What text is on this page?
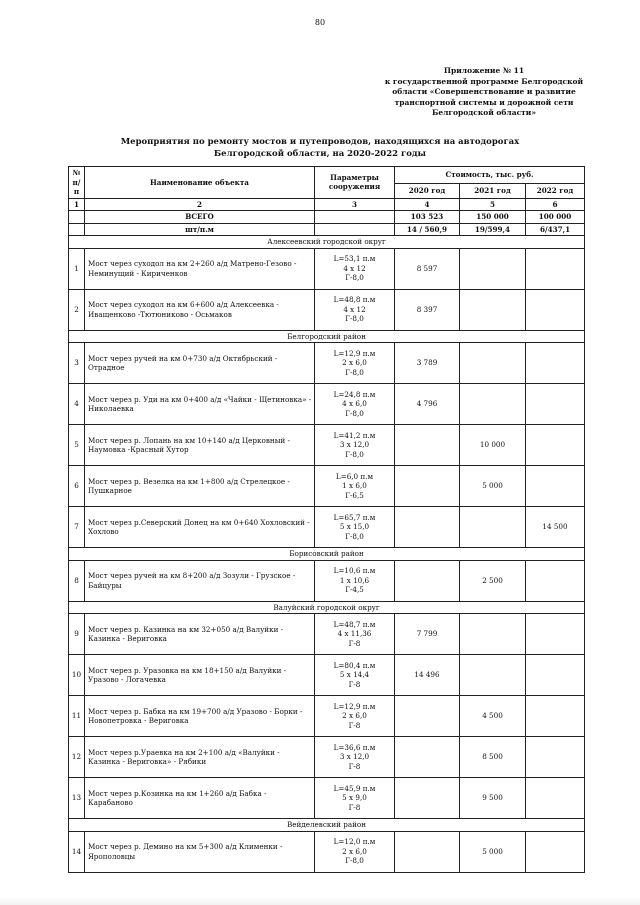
80
Приложение № 11
к государственной программе Белгородской
области «Совершенствование и развитие
транспортной системы и дорожной сети
Белгородской области»
Мероприятия по ремонту мостов и путепроводов, находящихся на автодорогах
Белгородской области, на 2020-2022 годы
№ п/п	Наименование объекта	Параметры сооружения	Стоимость, тыс. руб.		
			2020 год	2021 год	2022 год
1	2	3	4	5	6
	ВСЕГО		103 523	150 000	100 000
	шт/п.м		14 / 560,9	19/599,4	6/437,1
Алексеевский городской округ					
1	Мост через суходол на км 2+260 а/д Матрено-Гезово - Неминущий - Кириченков	L=53,1 п.м
4 x 12
Г-8,0	8 597		
2	Мост через суходол на км 6+600 а/д Алексеевка - Иващенково -Тютюниково - Осьмаков	L=48,8 п.м
4 x 12
Г-8,0	8 397		
Белгородский район					
3	Мост через ручей на км 0+730 а/д Октябрьский - Отрадное	L=12,9 п.м
2 x 6,0
Г-8,0	3 789		
4	Мост через р. Уди на км 0+400 а/д «Чайки - Щетиновка» - Николаевка	L=24,8 п.м
4 x 6,0
Г-8,0	4 796		
5	Мост через р. Лопань на км 10+140 а/д Церковный - Наумовка -Красный Хутор	L=41,2 п.м
3 x 12,0
Г-8,0		10 000	
6	Мост через р. Везелка на км 1+800 а/д Стрелецкое - Пушкарное	L=6,0 п.м
1 x 6,0
Г-6,5		5 000	
7	Мост через р.Северский Донец на км 0+640 Хохловский - Хохлово	L=65,7 п.м
5 x 15,0
Г-8,0			14 500
Борисовский район					
8	Мост через ручей на км 8+200 а/д Зозули - Грузское - Байцуры	L=10,6 п.м
1 x 10,6
Г-4,5		2 500	
Валуйский городской округ					
9	Мост через р. Казинка на км 32+050 а/д Валуйки - Казинка - Вериговка	L=48,7 п.м
4 x 11,36
Г-8	7 799		
10	Мост через р. Уразовка на км 18+150 а/д Валуйки - Уразово - Логачевка	L=80,4 п.м
5 x 14,4
Г-8	14 496		
11	Мост через р. Бабка на км 19+700 а/д Уразово - Борки - Новопетровка - Вериговка	L=12,9 п.м
2 x 6,0
Г-8		4 500	
12	Мост через р.Ураевка на км 2+100 а/д «Валуйки - Казинка - Вериговка» - Рябики	L=36,6 п.м
3 x 12,0
Г-8		8 500	
13	Мост через р.Козинка на км 1+260 а/д Бабка - Карабаново	L=45,9 п.м
5 x 9,0
Г-8		9 500	
Вейделевский район					
14	Мост через р. Демино на км 5+300 а/д Клименки - Ярополовцы	L=12,0 п.м
2 x 6,0
Г-8,0		5 000	
